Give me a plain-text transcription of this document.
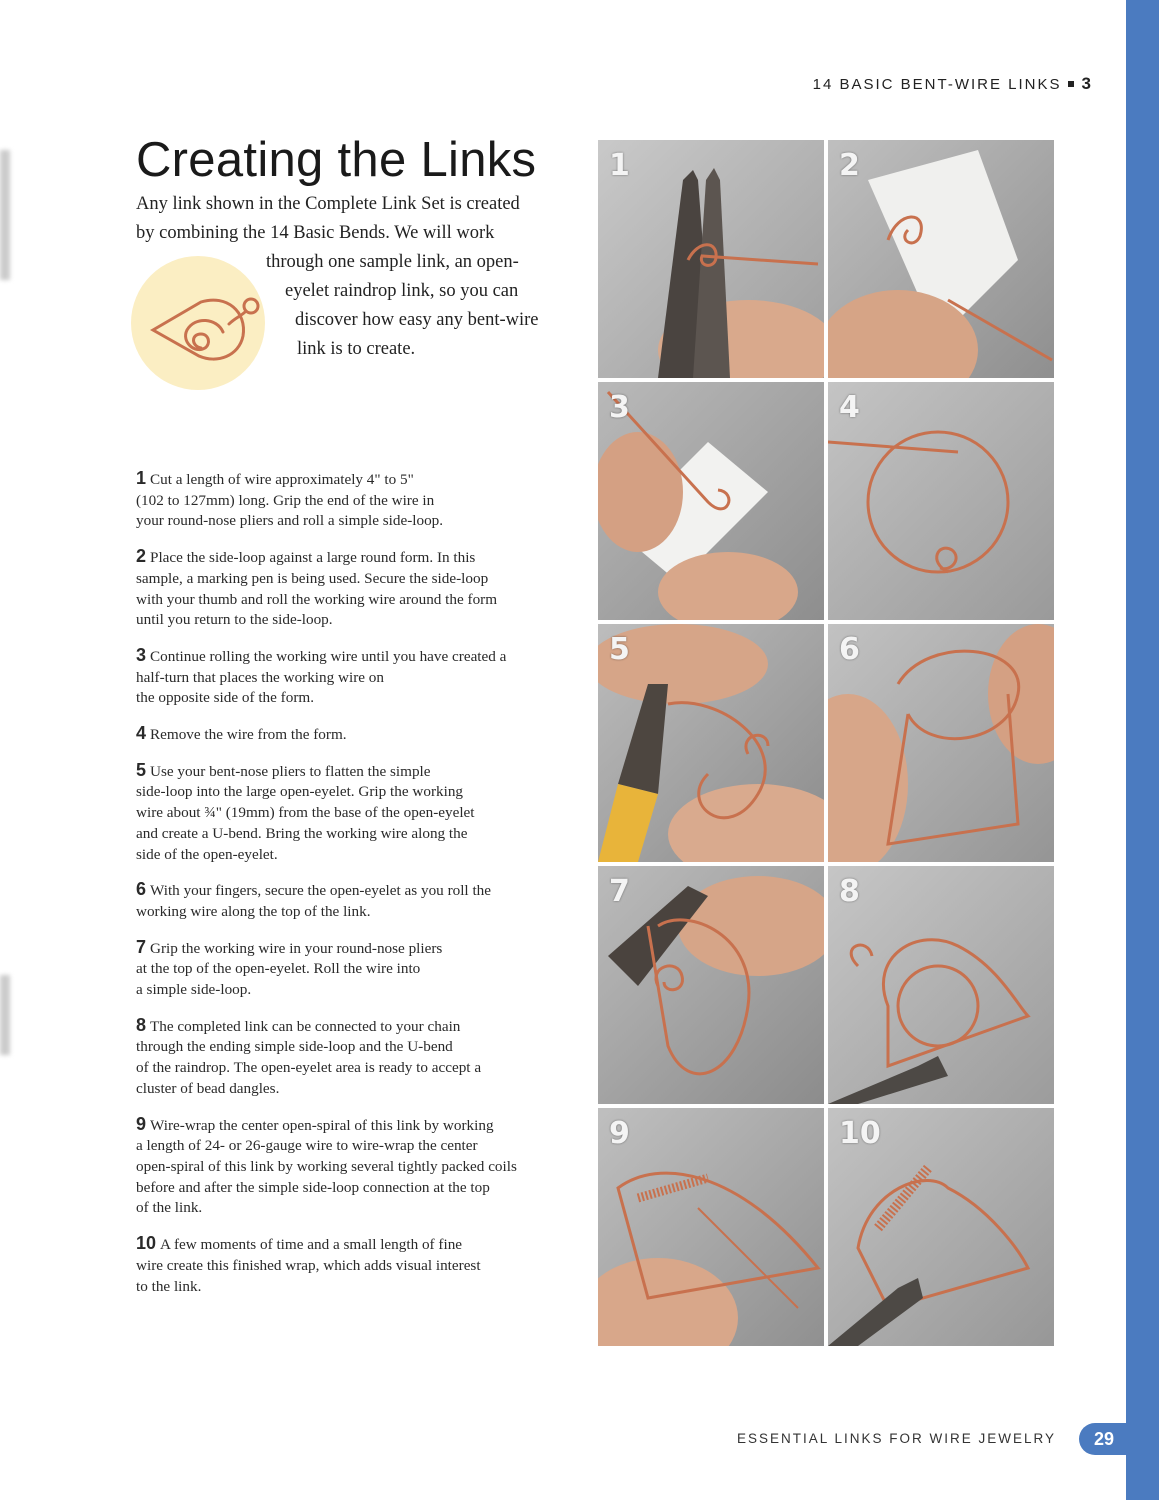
14 BASIC BENT-WIRE LINKS 3
Creating the Links
Any link shown in the Complete Link Set is created
by combining the 14 Basic Bends. We will work
through one sample link, an open-
eyelet raindrop link, so you can
discover how easy any bent-wire
link is to create.
1 Cut a length of wire approximately 4" to 5"
(102 to 127mm) long. Grip the end of the wire in
your round-nose pliers and roll a simple side-loop.
2 Place the side-loop against a large round form. In this
sample, a marking pen is being used. Secure the side-loop
with your thumb and roll the working wire around the form
until you return to the side-loop.
3 Continue rolling the working wire until you have created a
half-turn that places the working wire on
the opposite side of the form.
4 Remove the wire from the form.
5 Use your bent-nose pliers to flatten the simple
side-loop into the large open-eyelet. Grip the working
wire about ¾" (19mm) from the base of the open-eyelet
and create a U-bend. Bring the working wire along the
side of the open-eyelet.
6 With your fingers, secure the open-eyelet as you roll the
working wire along the top of the link.
7 Grip the working wire in your round-nose pliers
at the top of the open-eyelet. Roll the wire into
a simple side-loop.
8 The completed link can be connected to your chain
through the ending simple side-loop and the U-bend
of the raindrop. The open-eyelet area is ready to accept a
cluster of bead dangles.
9 Wire-wrap the center open-spiral of this link by working
a length of 24- or 26-gauge wire to wire-wrap the center
open-spiral of this link by working several tightly packed coils
before and after the simple side-loop connection at the top
of the link.
10 A few moments of time and a small length of fine
wire create this finished wrap, which adds visual interest
to the link.
1	2
3	4
5	6
7	8
9	10
ESSENTIAL LINKS FOR WIRE JEWELRY	29
